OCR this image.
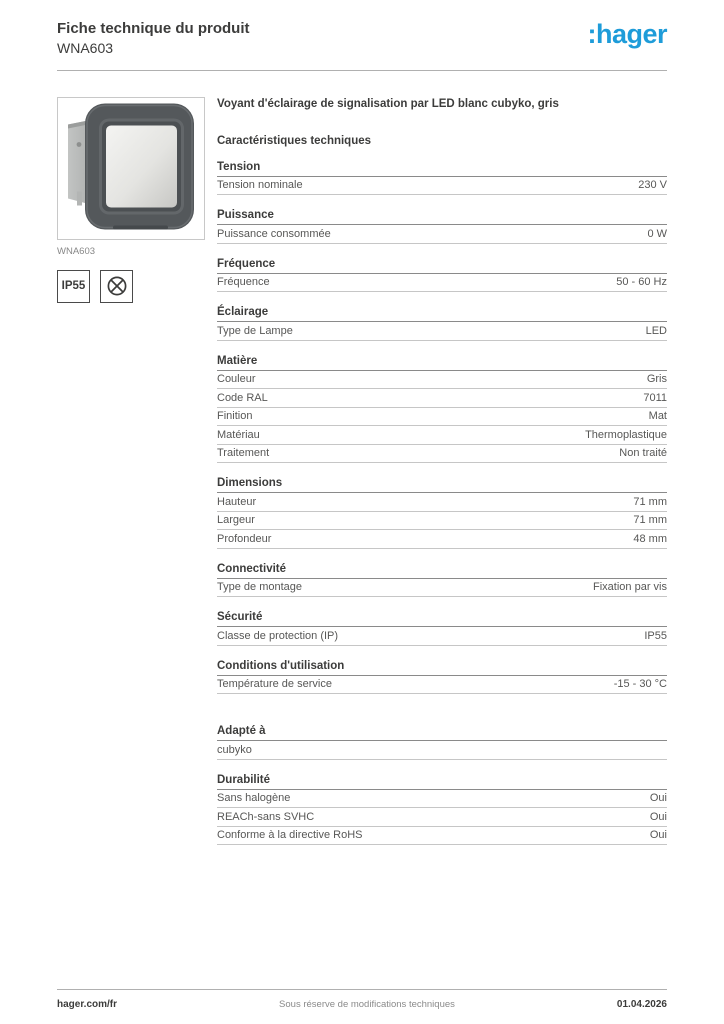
Fiche technique du produit
WNA603	:hager
WNA603
IP55
Voyant d'éclairage de signalisation par LED blanc cubyko, gris
Caractéristiques techniques
Tension
Tension nominale	230 V
Puissance
Puissance consommée	0 W
Fréquence
Fréquence	50 - 60 Hz
Éclairage
Type de Lampe	LED
Matière
Couleur	Gris
Code RAL	7011
Finition	Mat
Matériau	Thermoplastique
Traitement	Non traité
Dimensions
Hauteur	71 mm
Largeur	71 mm
Profondeur	48 mm
Connectivité
Type de montage	Fixation par vis
Sécurité
Classe de protection (IP)	IP55
Conditions d'utilisation
Température de service	-15 - 30 °C
Adapté à
cubyko
Durabilité
Sans halogène	Oui
REACh-sans SVHC	Oui
Conforme à la directive RoHS	Oui
hager.com/fr	Sous réserve de modifications techniques	01.04.2026
